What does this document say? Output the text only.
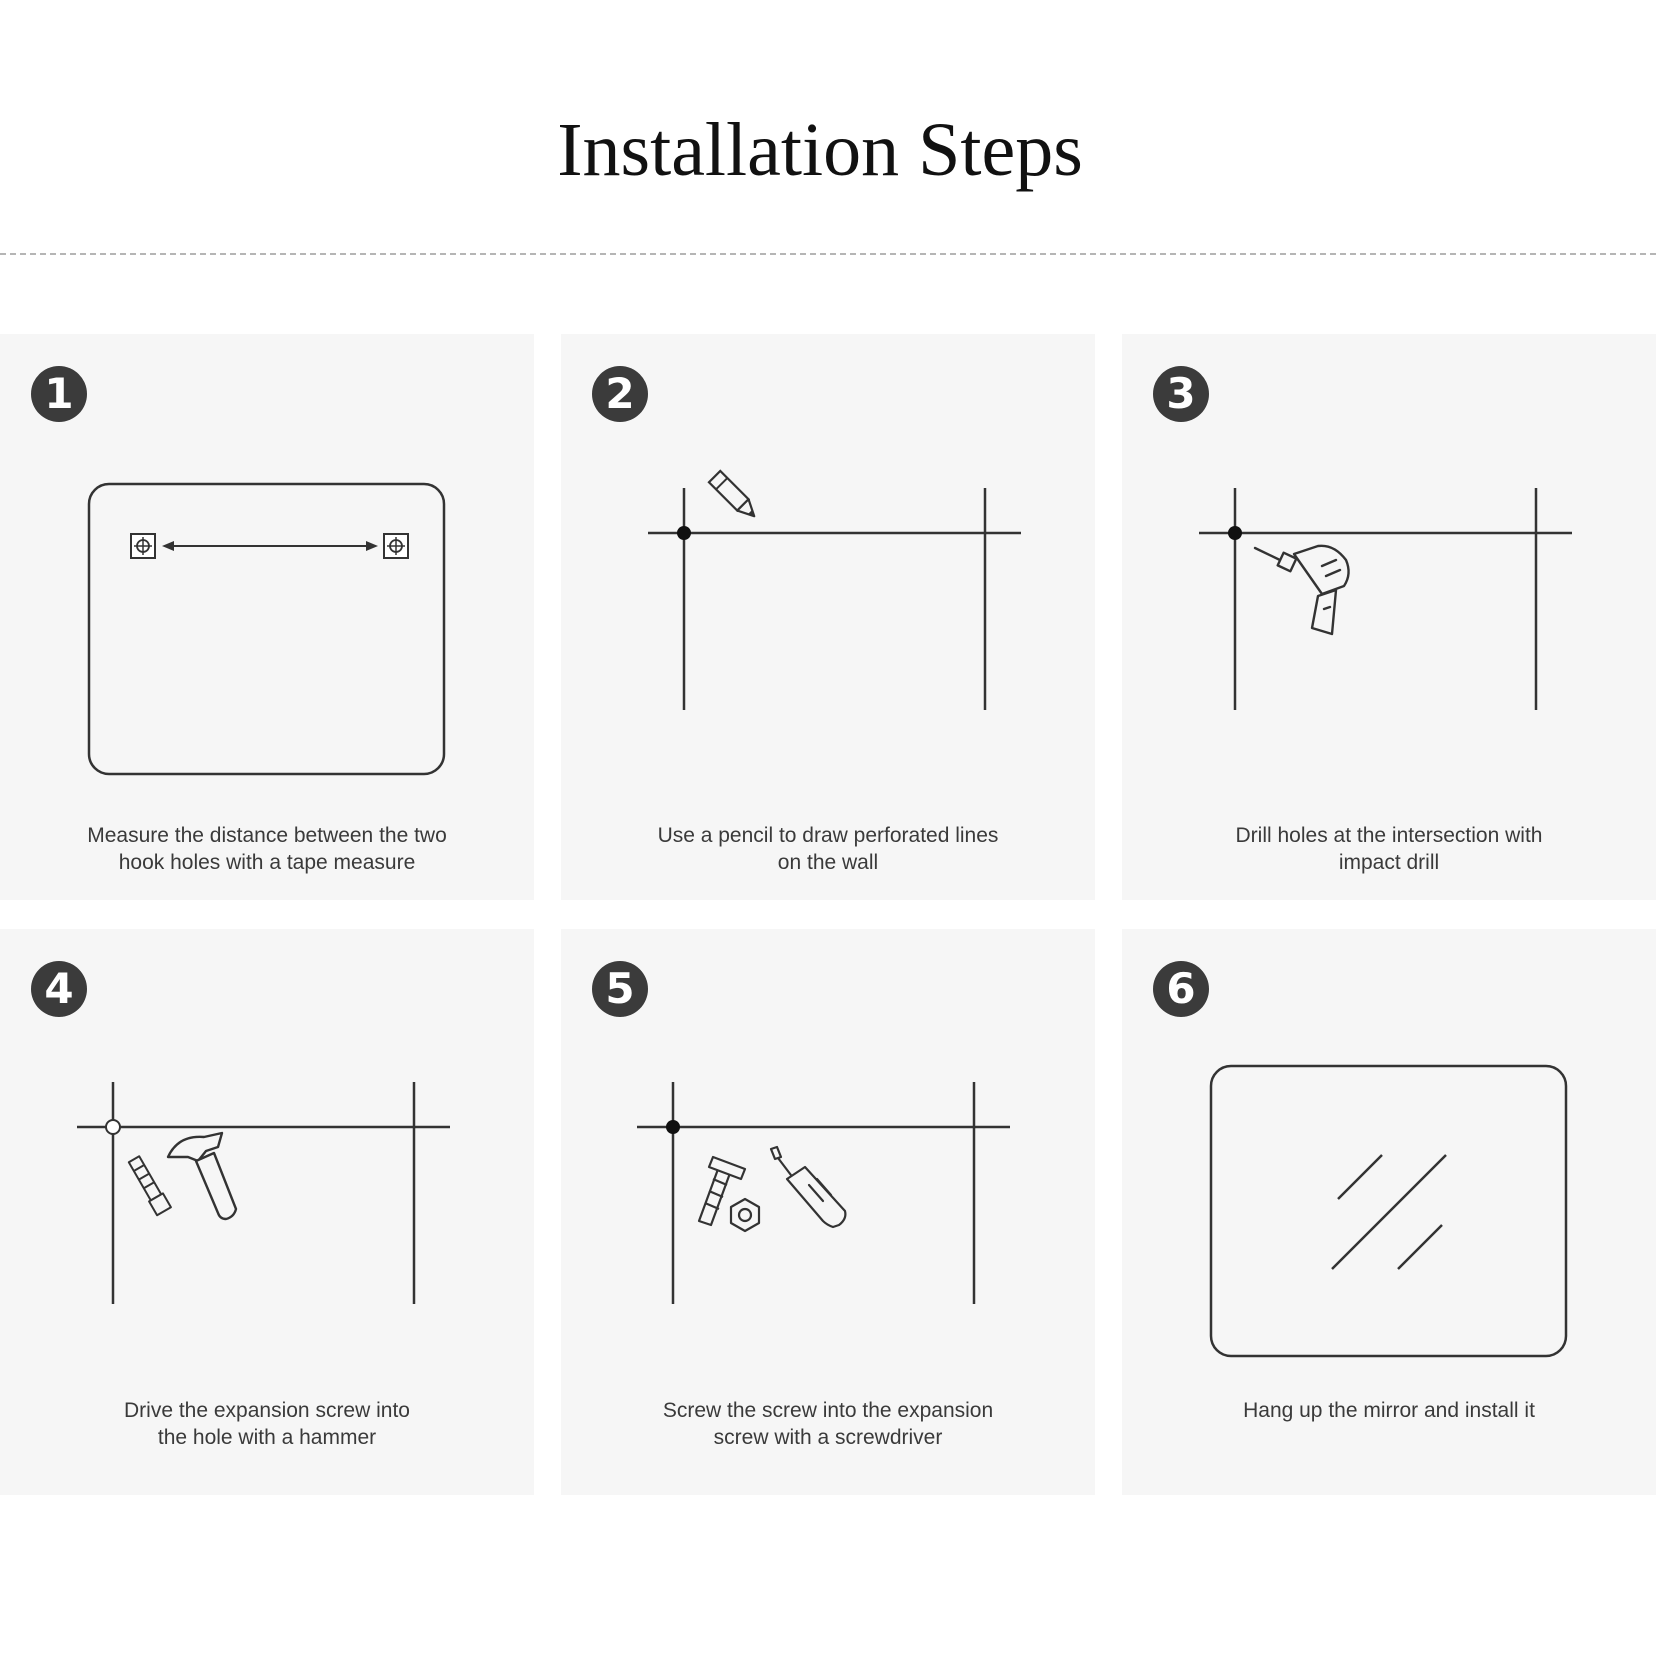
Installation Steps
1
Measure the distance between the two
hook holes with a tape measure
2
Use a pencil to draw perforated lines
on the wall
3
Drill holes at the intersection with
impact drill
4
Drive the expansion screw into
the hole with a hammer
5
Screw the screw into the expansion
screw with a screwdriver
6
Hang up the mirror and install it
